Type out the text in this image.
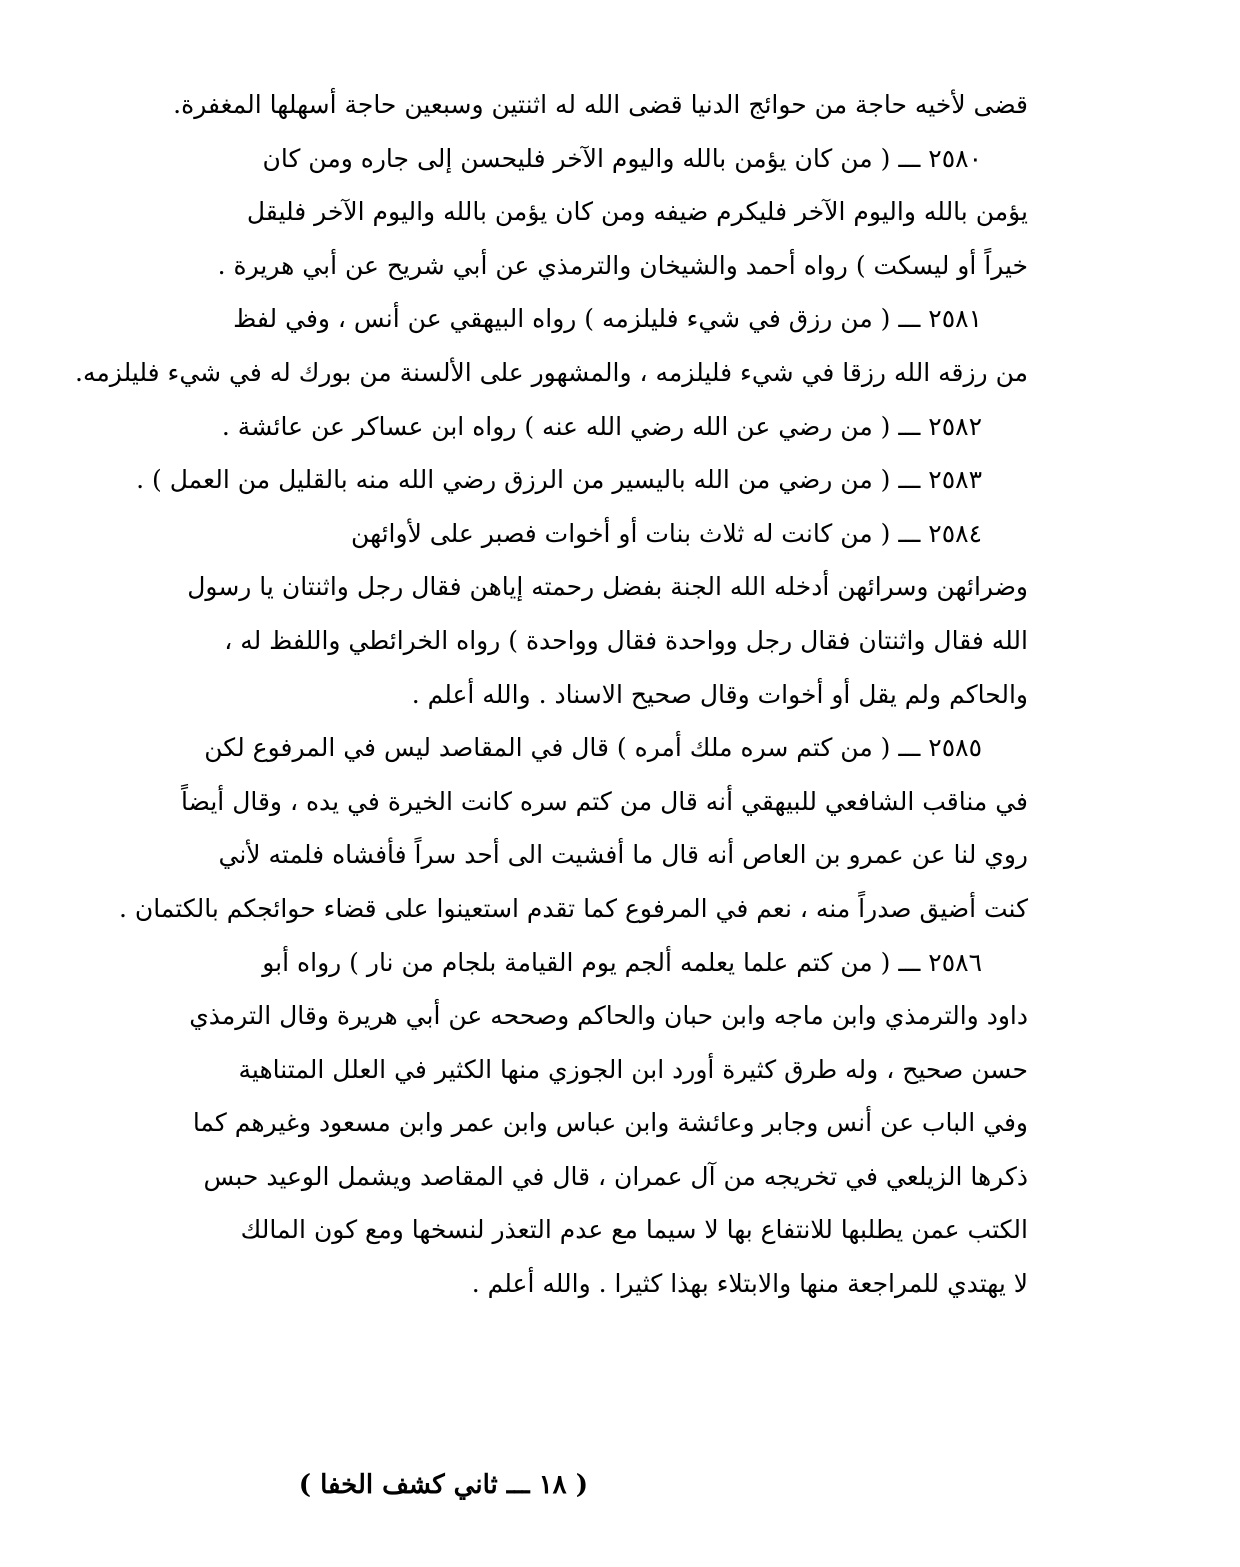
قضى لأخيه حاجة من حوائج الدنيا قضى الله له اثنتين وسبعين حاجة أسهلها المغفرة.
٢٥٨٠ ـــ ( من كان يؤمن بالله واليوم الآخر فليحسن إلى جاره ومن كان
يؤمن بالله واليوم الآخر فليكرم ضيفه ومن كان يؤمن بالله واليوم الآخر فليقل
خيراً أو ليسكت ) رواه أحمد والشيخان والترمذي عن أبي شريح عن أبي هريرة .
٢٥٨١ ـــ ( من رزق في شيء فليلزمه ) رواه البيهقي عن أنس ، وفي لفظ
من رزقه الله رزقا في شيء فليلزمه ، والمشهور على الألسنة من بورك له في شيء فليلزمه.
٢٥٨٢ ـــ ( من رضي عن الله رضي الله عنه ) رواه ابن عساكر عن عائشة .
٢٥٨٣ ـــ ( من رضي من الله باليسير من الرزق رضي الله منه بالقليل من العمل ) .
٢٥٨٤ ـــ ( من كانت له ثلاث بنات أو أخوات فصبر على لأوائهن
وضرائهن وسرائهن أدخله الله الجنة بفضل رحمته إياهن فقال رجل واثنتان يا رسول
الله فقال واثنتان فقال رجل وواحدة فقال وواحدة ) رواه الخرائطي واللفظ له ،
والحاكم ولم يقل أو أخوات وقال صحيح الاسناد . والله أعلم .
٢٥٨٥ ـــ ( من كتم سره ملك أمره ) قال في المقاصد ليس في المرفوع لكن
في مناقب الشافعي للبيهقي أنه قال من كتم سره كانت الخيرة في يده ، وقال أيضاً
روي لنا عن عمرو بن العاص أنه قال ما أفشيت الى أحد سراً فأفشاه فلمته لأني
كنت أضيق صدراً منه ، نعم في المرفوع كما تقدم استعينوا على قضاء حوائجكم بالكتمان .
٢٥٨٦ ـــ ( من كتم علما يعلمه ألجم يوم القيامة بلجام من نار ) رواه أبو
داود والترمذي وابن ماجه وابن حبان والحاكم وصححه عن أبي هريرة وقال الترمذي
حسن صحيح ، وله طرق كثيرة أورد ابن الجوزي منها الكثير في العلل المتناهية
وفي الباب عن أنس وجابر وعائشة وابن عباس وابن عمر وابن مسعود وغيرهم كما
ذكرها الزيلعي في تخريجه من آل عمران ، قال في المقاصد ويشمل الوعيد حبس
الكتب عمن يطلبها للانتفاع بها لا سيما مع عدم التعذر لنسخها ومع كون المالك
لا يهتدي للمراجعة منها والابتلاء بهذا كثيرا . والله أعلم .
( ١٨ ـــ ثاني كشف الخفا )
